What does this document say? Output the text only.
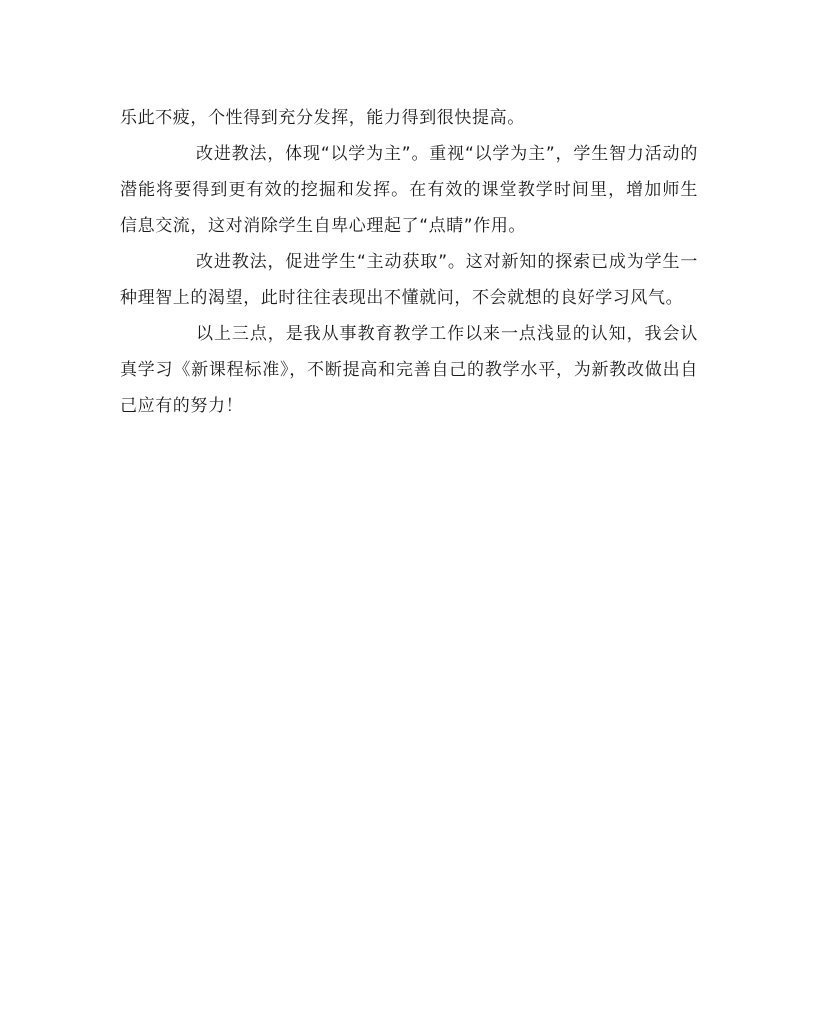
乐此不疲，个性得到充分发挥，能力得到很快提高。

改进教法，体现“以学为主”。重视“以学为主”，学生智力活动的潜能将要得到更有效的挖掘和发挥。在有效的课堂教学时间里，增加师生信息交流，这对消除学生自卑心理起了“点睛”作用。

改进教法，促进学生“主动获取”。这对新知的探索已成为学生一种理智上的渴望，此时往往表现出不懂就问，不会就想的良好学习风气。

以上三点，是我从事教育教学工作以来一点浅显的认知，我会认真学习《新课程标准》，不断提高和完善自己的教学水平，为新教改做出自己应有的努力！
